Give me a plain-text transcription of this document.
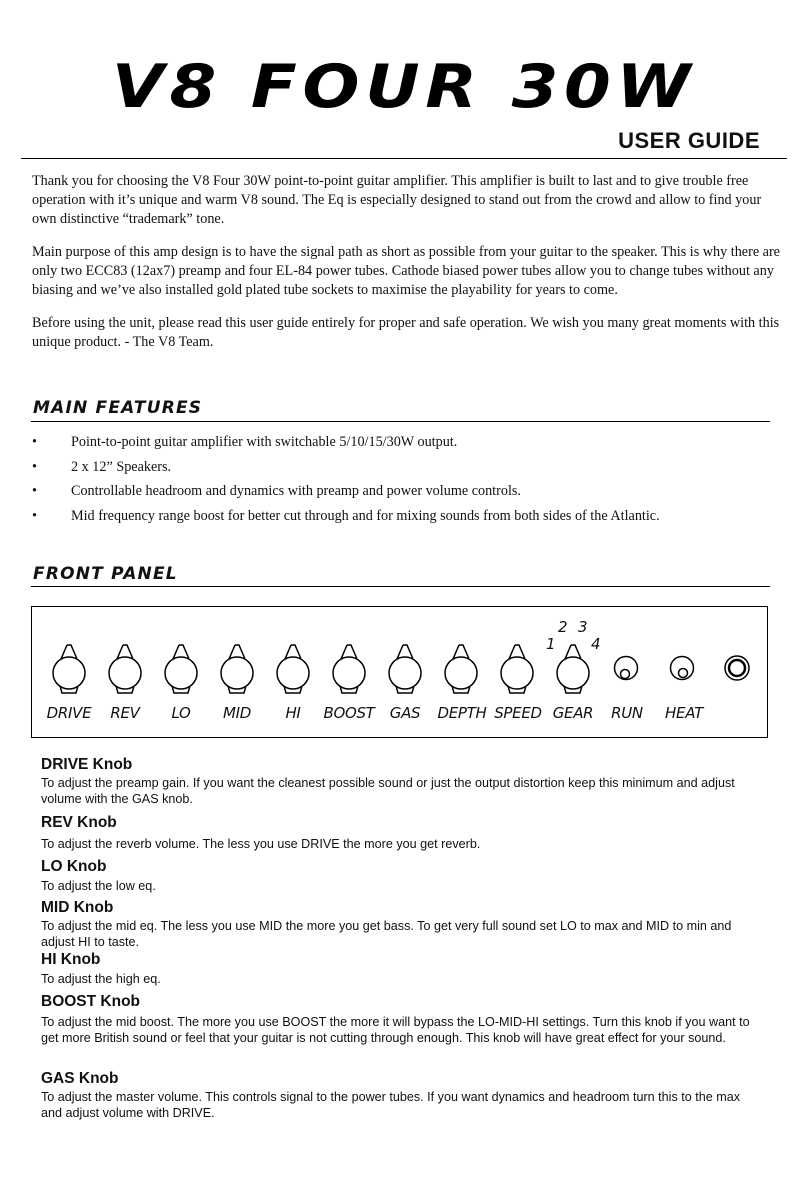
V8 FOUR 30W
USER GUIDE

Thank you for choosing the V8 Four 30W point-to-point guitar amplifier. This amplifier is built to last and to give trouble free operation with it’s unique and warm V8 sound. The Eq is especially designed to stand out from the crowd and allow to find your own distinctive “trademark” tone.

Main purpose of this amp design is to have the signal path as short as possible from your guitar to the speaker. This is why there are only two ECC83 (12ax7) preamp and four EL-84 power tubes. Cathode biased power tubes allow you to change tubes without any biasing and we’ve also installed gold plated tube sockets to maximise the playability for years to come.

Before using the unit, please read this user guide entirely for proper and safe operation. We wish you many great moments with this unique product. - The V8 Team.

MAIN FEATURES
• Point-to-point guitar amplifier with switchable 5/10/15/30W output.
• 2 x 12” Speakers.
• Controllable headroom and dynamics with preamp and power volume controls.
• Mid frequency range boost for better cut through and for mixing sounds from both sides of the Atlantic.
FRONT PANEL
1
2 3
4
DRIVE REV LO MID HI BOOST GAS DEPTH SPEED GEAR RUN HEAT
DRIVE Knob

To adjust the preamp gain. If you want the cleanest possible sound or just the output distortion keep this minimum and adjust volume with the GAS knob.

REV Knob

To adjust the reverb volume. The less you use DRIVE the more you get reverb.

LO Knob

To adjust the low eq.

MID Knob

To adjust the mid eq. The less you use MID the more you get bass. To get very full sound set LO to max and MID to min and adjust HI to taste.

HI Knob

To adjust the high eq.

BOOST Knob

To adjust the mid boost. The more you use BOOST the more it will bypass the LO-MID-HI settings. Turn this knob if you want to get more British sound or feel that your guitar is not cutting through enough. This knob will have great effect for your sound.

GAS Knob

To adjust the master volume. This controls signal to the power tubes. If you want dynamics and headroom turn this to the max and adjust volume with DRIVE.
